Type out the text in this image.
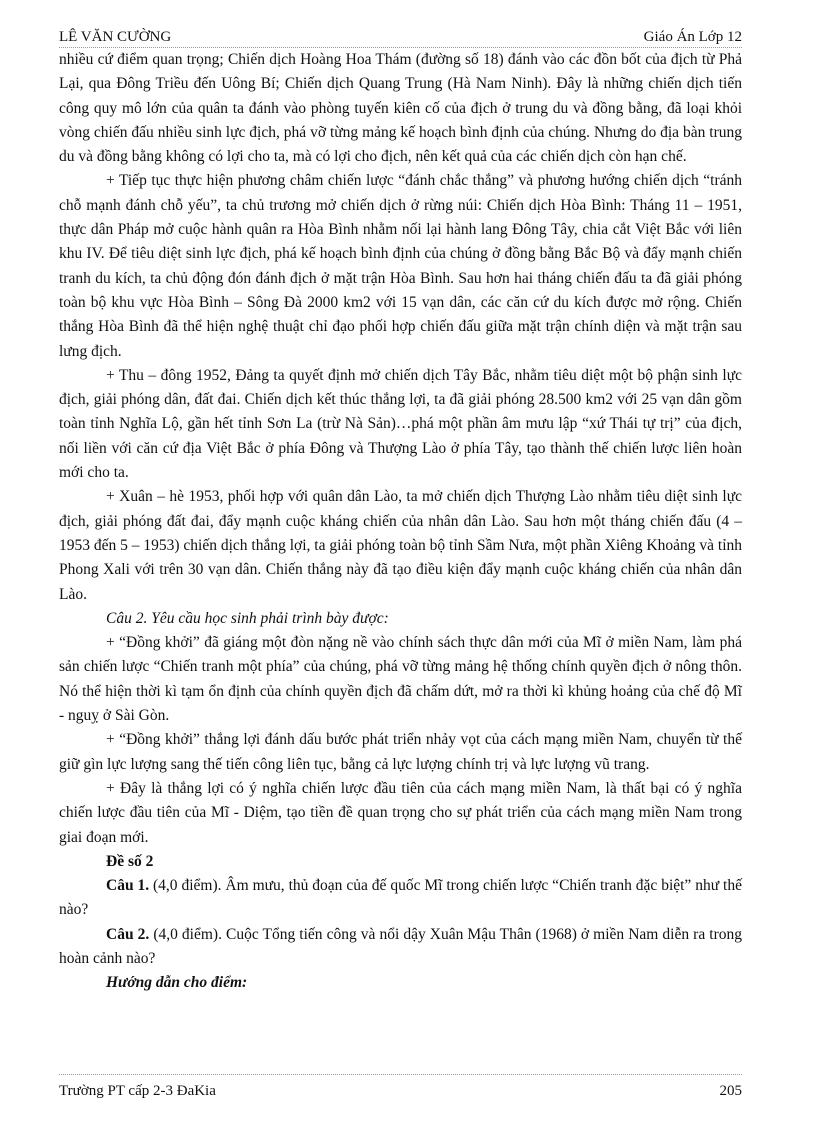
LÊ VĂN CƯỜNG	Giáo Án Lớp 12

nhiều cứ điểm quan trọng; Chiến dịch Hoàng Hoa Thám (đường số 18) đánh vào các đồn bốt của địch từ Phả Lại, qua Đông Triều đến Uông Bí; Chiến dịch Quang Trung (Hà Nam Ninh). Đây là những chiến dịch tiến công quy mô lớn của quân ta đánh vào phòng tuyến kiên cố của địch ở trung du và đồng bằng, đã loại khỏi vòng chiến đấu nhiều sinh lực địch, phá vỡ từng mảng kế hoạch bình định của chúng. Nhưng do địa bàn trung du và đồng bằng không có lợi cho ta, mà có lợi cho địch, nên kết quả của các chiến dịch còn hạn chế.

+ Tiếp tục thực hiện phương châm chiến lược “đánh chắc thắng” và phương hướng chiến dịch “tránh chỗ mạnh đánh chỗ yếu”, ta chủ trương mở chiến dịch ở rừng núi: Chiến dịch Hòa Bình: Tháng 11 – 1951, thực dân Pháp mở cuộc hành quân ra Hòa Bình nhằm nối lại hành lang Đông Tây, chia cắt Việt Bắc với liên khu IV. Để tiêu diệt sinh lực địch, phá kế hoạch bình định của chúng ở đồng bằng Bắc Bộ và đẩy mạnh chiến tranh du kích, ta chủ động đón đánh địch ở mặt trận Hòa Bình. Sau hơn hai tháng chiến đấu ta đã giải phóng toàn bộ khu vực Hòa Bình – Sông Đà 2000 km2 với 15 vạn dân, các căn cứ du kích được mở rộng. Chiến thắng Hòa Bình đã thể hiện nghệ thuật chỉ đạo phối hợp chiến đấu giữa mặt trận chính diện và mặt trận sau lưng địch.

+ Thu – đông 1952, Đảng ta quyết định mở chiến dịch Tây Bắc, nhằm tiêu diệt một bộ phận sinh lực địch, giải phóng dân, đất đai. Chiến dịch kết thúc thắng lợi, ta đã giải phóng 28.500 km2 với 25 vạn dân gồm toàn tỉnh Nghĩa Lộ, gần hết tỉnh Sơn La (trừ Nà Sản)…phá một phần âm mưu lập “xứ Thái tự trị” của địch, nối liền với căn cứ địa Việt Bắc ở phía Đông và Thượng Lào ở phía Tây, tạo thành thế chiến lược liên hoàn mới cho ta.

+ Xuân – hè 1953, phối hợp với quân dân Lào, ta mở chiến dịch Thượng Lào nhằm tiêu diệt sinh lực địch, giải phóng đất đai, đẩy mạnh cuộc kháng chiến của nhân dân Lào. Sau hơn một tháng chiến đấu (4 – 1953 đến 5 – 1953) chiến dịch thắng lợi, ta giải phóng toàn bộ tỉnh Sầm Nưa, một phần Xiêng Khoảng và tỉnh Phong Xali với trên 30 vạn dân. Chiến thắng này đã tạo điều kiện đẩy mạnh cuộc kháng chiến của nhân dân Lào.

Câu 2. Yêu cầu học sinh phải trình bày được:

+ “Đồng khởi” đã giáng một đòn nặng nề vào chính sách thực dân mới của Mĩ ở miền Nam, làm phá sản chiến lược “Chiến tranh một phía” của chúng, phá vỡ từng mảng hệ thống chính quyền địch ở nông thôn. Nó thể hiện thời kì tạm ổn định của chính quyền địch đã chấm dứt, mở ra thời kì khủng hoảng của chế độ Mĩ - nguỵ ở Sài Gòn.

+ “Đồng khởi” thắng lợi đánh dấu bước phát triển nhảy vọt của cách mạng miền Nam, chuyển từ thế giữ gìn lực lượng sang thế tiến công liên tục, bằng cả lực lượng chính trị và lực lượng vũ trang.

+ Đây là thắng lợi có ý nghĩa chiến lược đầu tiên của cách mạng miền Nam, là thất bại có ý nghĩa chiến lược đầu tiên của Mĩ - Diệm, tạo tiền đề quan trọng cho sự phát triển của cách mạng miền Nam trong giai đoạn mới.

Đề số 2

Câu 1. (4,0 điểm). Âm mưu, thủ đoạn của đế quốc Mĩ trong chiến lược “Chiến tranh đặc biệt” như thế nào?

Câu 2. (4,0 điểm). Cuộc Tổng tiến công và nổi dậy Xuân Mậu Thân (1968) ở miền Nam diễn ra trong hoàn cảnh nào?

Hướng dẫn cho điểm:

Trường PT cấp 2-3 ĐaKia	205
